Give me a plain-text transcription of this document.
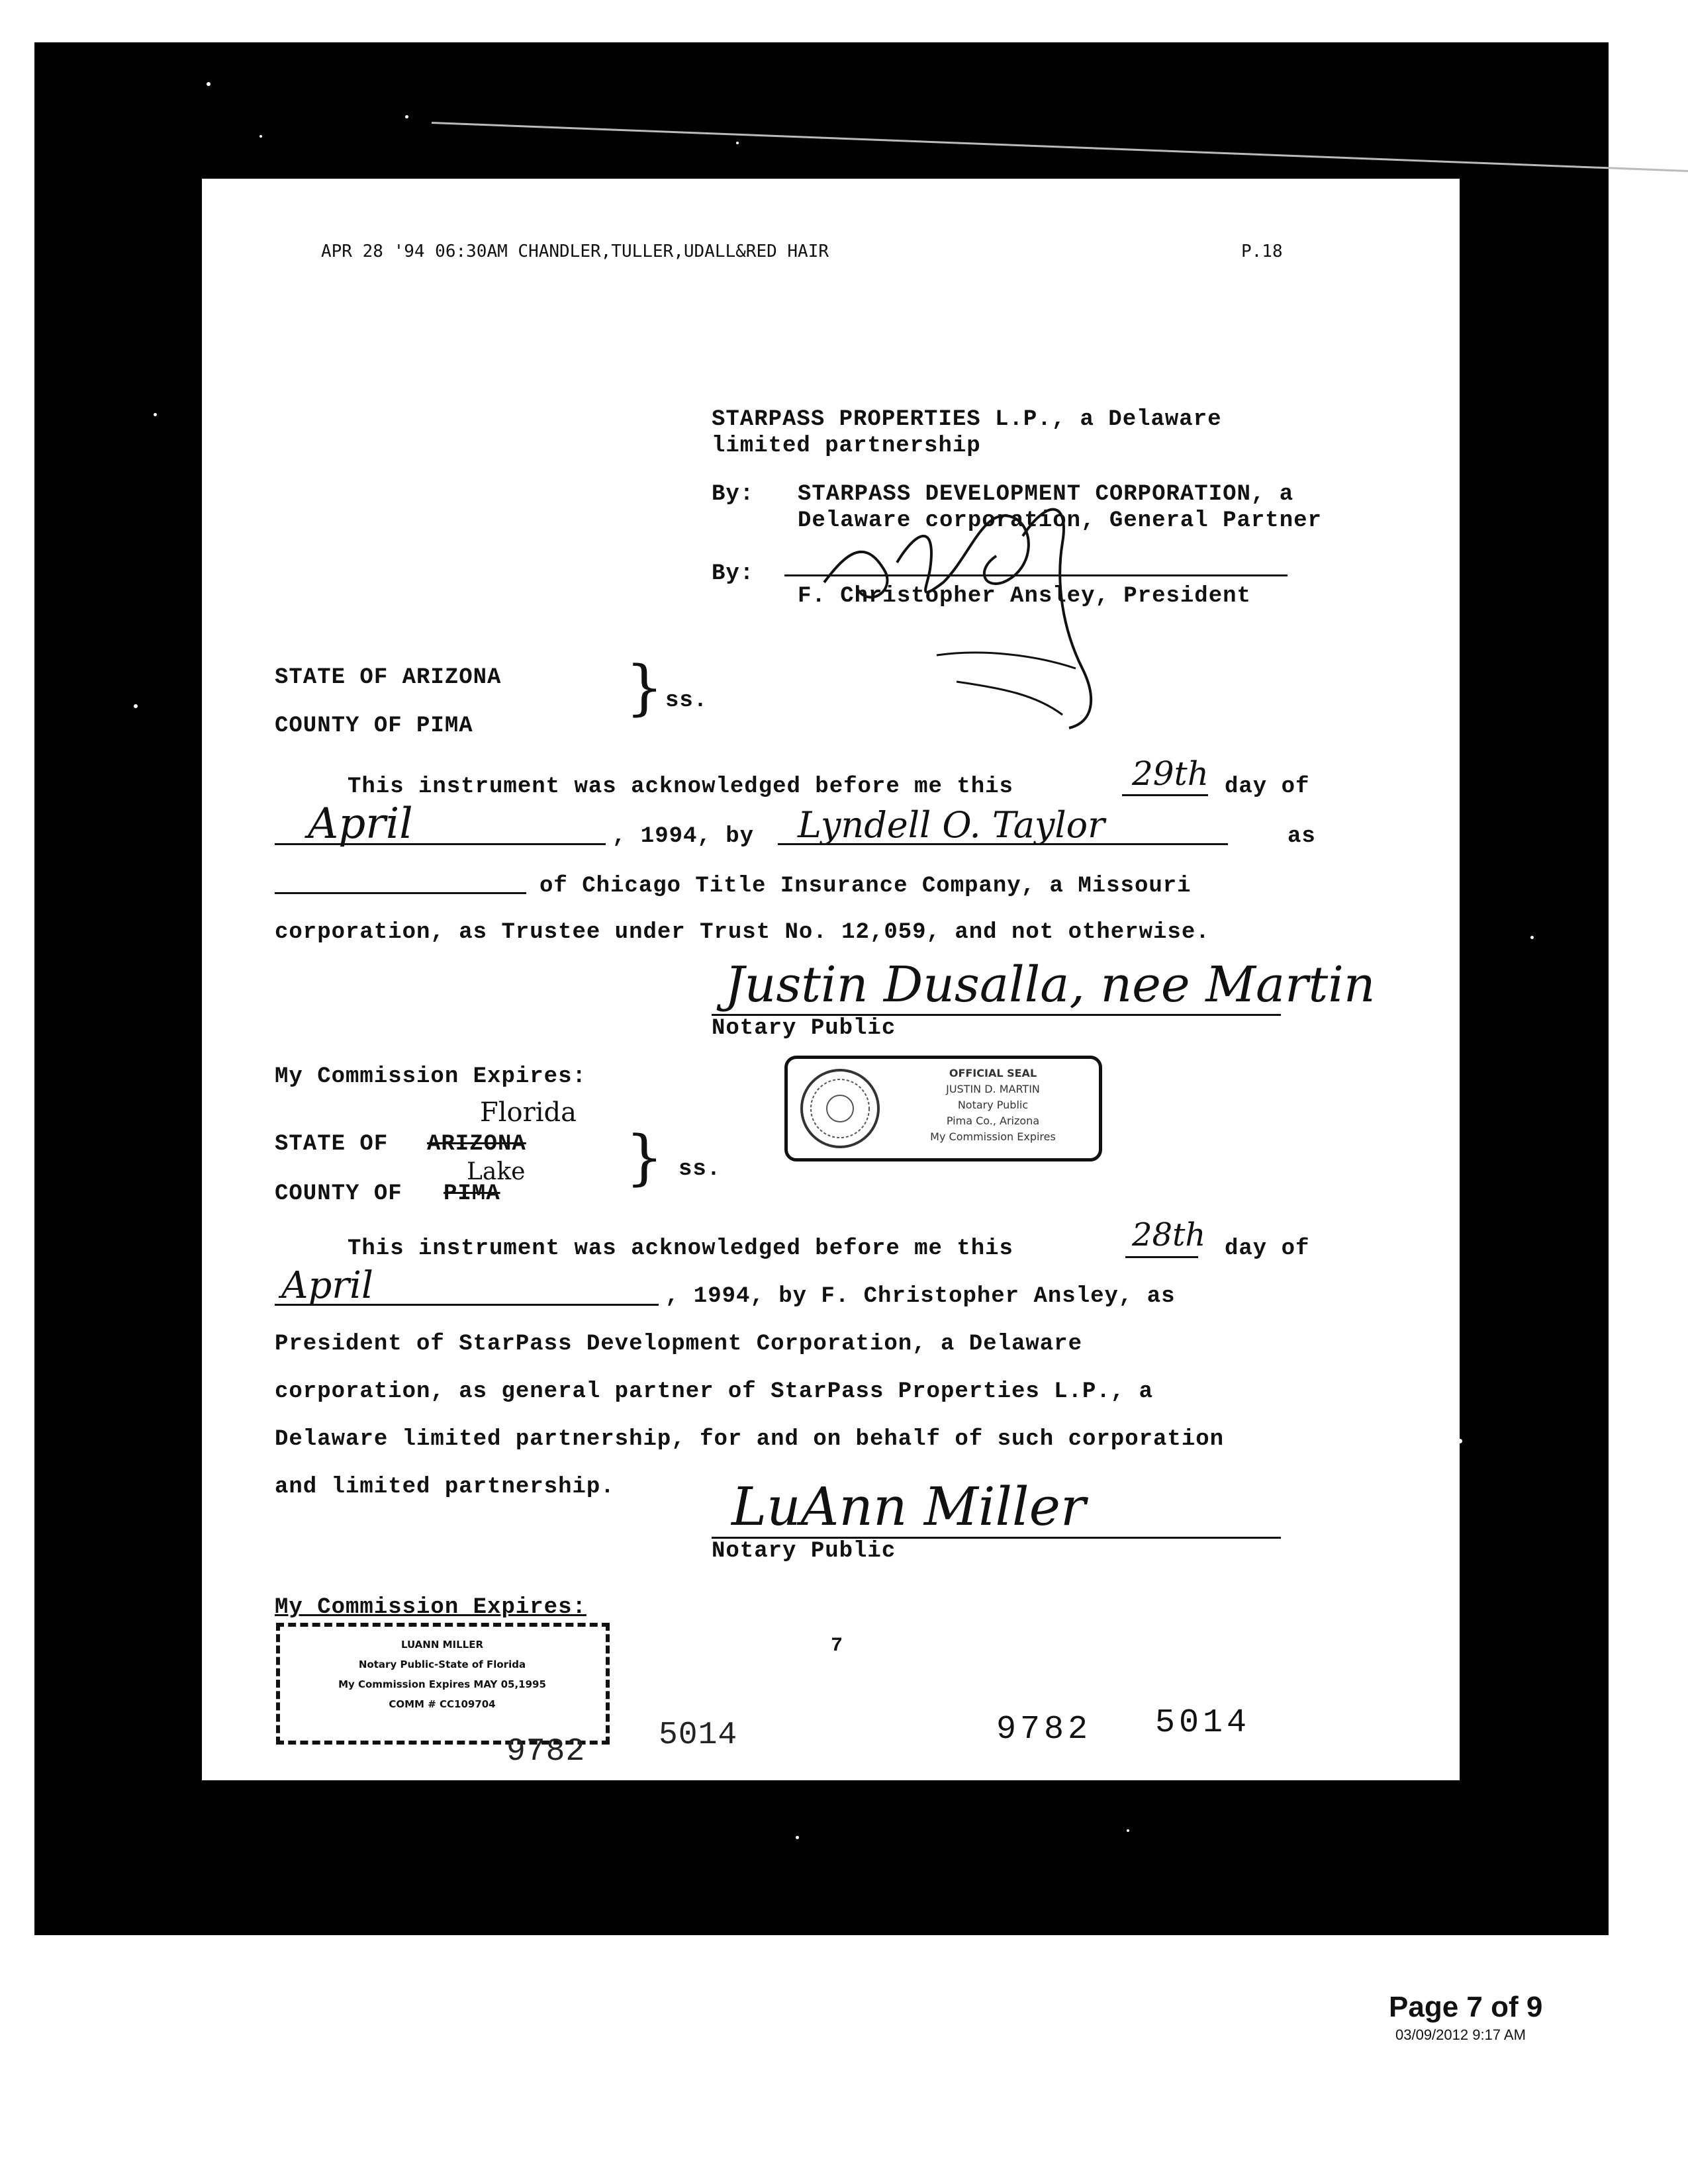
APR 28 '94 06:30AM CHANDLER,TULLER,UDALL&RED HAIR	P.18
STARPASS PROPERTIES L.P., a Delaware
limited partnership
By: STARPASS DEVELOPMENT CORPORATION, a
Delaware corporation, General Partner
By:
F. Christopher Ansley, President
STATE OF ARIZONA
COUNTY OF PIMA
} ss.
This instrument was acknowledged before me this	29th day of
April	, 1994, by Lyndell O. Taylor	as
of Chicago Title Insurance Company, a Missouri
corporation, as Trustee under Trust No. 12,059, and not otherwise.
Justin Dusalla, nee Martin
Notary Public
My Commission Expires:	OFFICIAL SEAL
JUSTIN D. MARTIN
Notary Public
Pima Co., Arizona
My Commission Expires
Florida
STATE OF ARIZONA
Lake
COUNTY OF PIMA
} ss.
This instrument was acknowledged before me this	28th day of
April	, 1994, by F. Christopher Ansley, as
President of StarPass Development Corporation, a Delaware
corporation, as general partner of StarPass Properties L.P., a
Delaware limited partnership, for and on behalf of such corporation
and limited partnership. LuAnn Miller
Notary Public
My Commission Expires:
LUANN MILLER
Notary Public-State of Florida
My Commission Expires MAY 05,1995
COMM # CC109704
7
9782 5014	9782 5014
Page 7 of 9
03/09/2012 9:17 AM
